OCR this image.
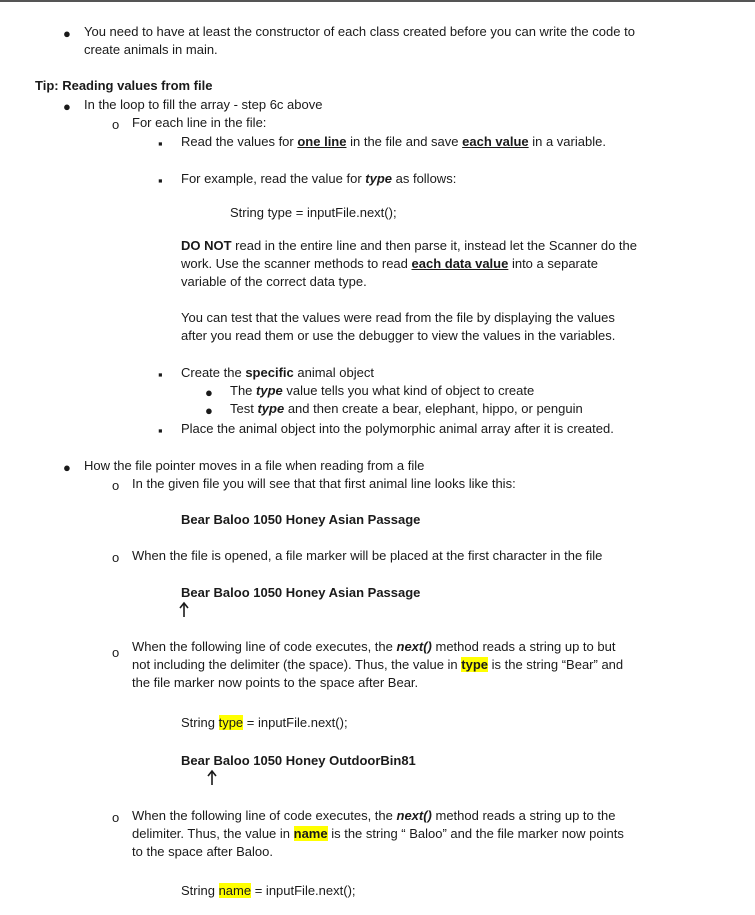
● You need to have at least the constructor of each class created before you can write the code to
create animals in main.
Tip: Reading values from file
● In the loop to fill the array - step 6c above
o For each line in the file:
▪ Read the values for one line in the file and save each value in a variable.
▪ For example, read the value for type as follows:
String type = inputFile.next();
DO NOT read in the entire line and then parse it, instead let the Scanner do the
work. Use the scanner methods to read each data value into a separate
variable of the correct data type.
You can test that the values were read from the file by displaying the values
after you read them or use the debugger to view the values in the variables.
▪ Create the specific animal object
● The type value tells you what kind of object to create
● Test type and then create a bear, elephant, hippo, or penguin
▪ Place the animal object into the polymorphic animal array after it is created.
● How the file pointer moves in a file when reading from a file
o In the given file you will see that that first animal line looks like this:
Bear Baloo 1050 Honey Asian Passage
o When the file is opened, a file marker will be placed at the first character in the file
Bear Baloo 1050 Honey Asian Passage
o When the following line of code executes, the next() method reads a string up to but
not including the delimiter (the space). Thus, the value in type is the string “Bear” and
the file marker now points to the space after Bear.
String type = inputFile.next();
Bear Baloo 1050 Honey OutdoorBin81
o When the following line of code executes, the next() method reads a string up to the
delimiter. Thus, the value in name is the string “ Baloo” and the file marker now points
to the space after Baloo.
String name = inputFile.next();
